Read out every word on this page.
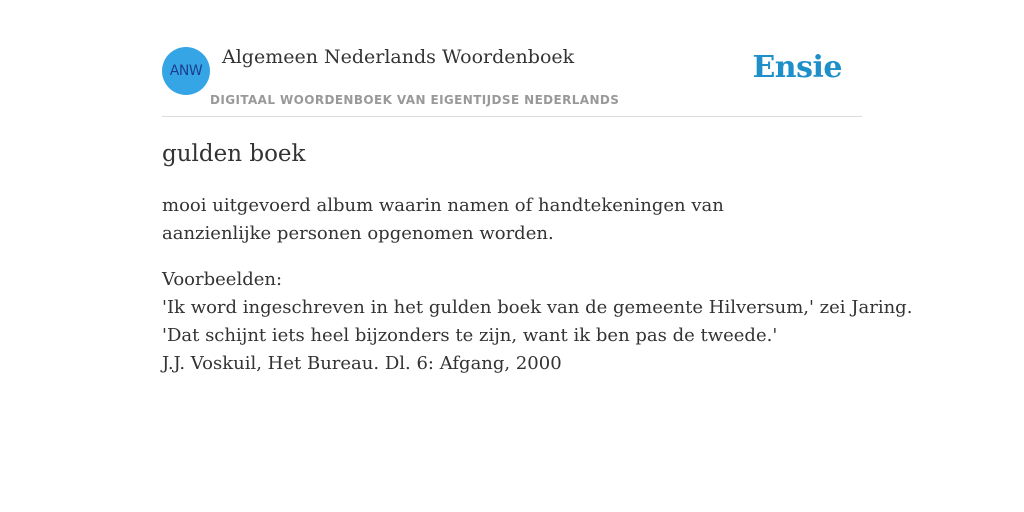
ANW
Algemeen Nederlands Woordenboek
DIGITAAL WOORDENBOEK VAN EIGENTIJDSE NEDERLANDS
Ensie
gulden boek

mooi uitgevoerd album waarin namen of handtekeningen van aanzienlijke personen opgenomen worden.

Voorbeelden:
'Ik word ingeschreven in het gulden boek van de gemeente Hilversum,' zei Jaring.
'Dat schijnt iets heel bijzonders te zijn, want ik ben pas de tweede.'
J.J. Voskuil, Het Bureau. Dl. 6: Afgang, 2000
